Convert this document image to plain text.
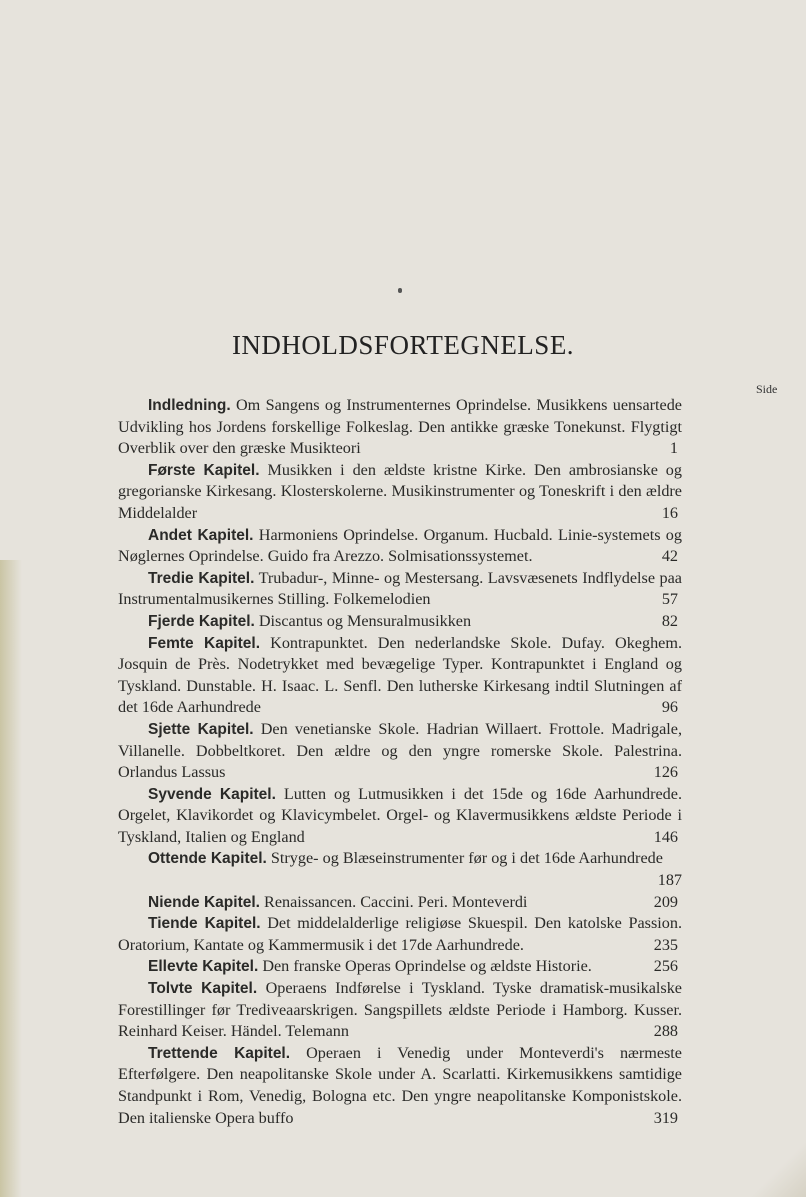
INDHOLDSFORTEGNELSE.
Side
Indledning. Om Sangens og Instrumenternes Oprindelse. Musikkens uensartede Udvikling hos Jordens forskellige Folkeslag. Den antikke græske Tonekunst. Flygtigt Overblik over den græske Musikteori	1
Første Kapitel. Musikken i den ældste kristne Kirke. Den ambrosianske og gregorianske Kirkesang. Klosterskolerne. Musikinstrumenter og Toneskrift i den ældre Middelalder	16
Andet Kapitel. Harmoniens Oprindelse. Organum. Hucbald. Linie-systemets og Nøglernes Oprindelse. Guido fra Arezzo. Solmisationssystemet.	42
Tredie Kapitel. Trubadur-, Minne- og Mestersang. Lavsvæsenets Indflydelse paa Instrumentalmusikernes Stilling. Folkemelodien	57
Fjerde Kapitel. Discantus og Mensuralmusikken	82
Femte Kapitel. Kontrapunktet. Den nederlandske Skole. Dufay. Okeghem. Josquin de Près. Nodetrykket med bevægelige Typer. Kontrapunktet i England og Tyskland. Dunstable. H. Isaac. L. Senfl. Den lutherske Kirkesang indtil Slutningen af det 16de Aarhundrede	96
Sjette Kapitel. Den venetianske Skole. Hadrian Willaert. Frottole. Madrigale, Villanelle. Dobbeltkoret. Den ældre og den yngre romerske Skole. Palestrina. Orlandus Lassus	126
Syvende Kapitel. Lutten og Lutmusikken i det 15de og 16de Aarhundrede. Orgelet, Klavikordet og Klavicymbelet. Orgel- og Klavermusikkens ældste Periode i Tyskland, Italien og England	146
Ottende Kapitel. Stryge- og Blæseinstrumenter før og i det 16de Aarhundrede
187
Niende Kapitel. Renaissancen. Caccini. Peri. Monteverdi	209
Tiende Kapitel. Det middelalderlige religiøse Skuespil. Den katolske Passion. Oratorium, Kantate og Kammermusik i det 17de Aarhundrede.	235
Ellevte Kapitel. Den franske Operas Oprindelse og ældste Historie.	256
Tolvte Kapitel. Operaens Indførelse i Tyskland. Tyske dramatisk-musikalske Forestillinger før Trediveaarskrigen. Sangspillets ældste Periode i Hamborg. Kusser. Reinhard Keiser. Händel. Telemann	288
Trettende Kapitel. Operaen i Venedig under Monteverdi's nærmeste Efterfølgere. Den neapolitanske Skole under A. Scarlatti. Kirkemusikkens samtidige Standpunkt i Rom, Venedig, Bologna etc. Den yngre neapolitanske Komponistskole. Den italienske Opera buffo	319
